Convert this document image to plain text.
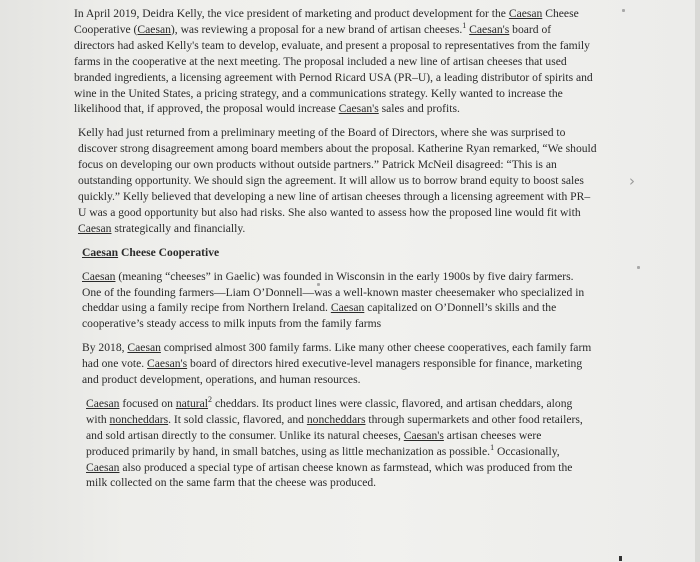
In April 2019, Deidra Kelly, the vice president of marketing and product development for the Caesan Cheese Cooperative (Caesan), was reviewing a proposal for a new brand of artisan cheeses.$^1$ Caesan's board of directors had asked Kelly's team to develop, evaluate, and present a proposal to representatives from the family farms in the cooperative at the next meeting. The proposal included a new line of artisan cheeses that used branded ingredients, a licensing agreement with Pernod Ricard USA (PR–U), a leading distributor of spirits and wine in the United States, a pricing strategy, and a communications strategy. Kelly wanted to increase the likelihood that, if approved, the proposal would increase Caesan's sales and profits.

Kelly had just returned from a preliminary meeting of the Board of Directors, where she was surprised to discover strong disagreement among board members about the proposal. Katherine Ryan remarked, “We should focus on developing our own products without outside partners.” Patrick McNeil disagreed: “This is an outstanding opportunity. We should sign the agreement. It will allow us to borrow brand equity to boost sales quickly.” Kelly believed that developing a new line of artisan cheeses through a licensing agreement with PR–U was a good opportunity but also had risks. She also wanted to assess how the proposed line would fit with Caesan strategically and financially.

Caesan Cheese Cooperative

Caesan (meaning “cheeses” in Gaelic) was founded in Wisconsin in the early 1900s by five dairy farmers. One of the founding farmers—Liam O’Donnell—was a well-known master cheesemaker who specialized in cheddar using a family recipe from Northern Ireland. Caesan capitalized on O’Donnell’s skills and the cooperative’s steady access to milk inputs from the family farms

By 2018, Caesan comprised almost 300 family farms. Like many other cheese cooperatives, each family farm had one vote. Caesan's board of directors hired executive-level managers responsible for finance, marketing and product development, operations, and human resources.

Caesan focused on natural$^2$ cheddars. Its product lines were classic, flavored, and artisan cheddars, along with noncheddars. It sold classic, flavored, and noncheddars through supermarkets and other food retailers, and sold artisan directly to the consumer. Unlike its natural cheeses, Caesan's artisan cheeses were produced primarily by hand, in small batches, using as little mechanization as possible.$^1$ Occasionally, Caesan also produced a special type of artisan cheese known as farmstead, which was produced from the milk collected on the same farm that the cheese was produced.

›
